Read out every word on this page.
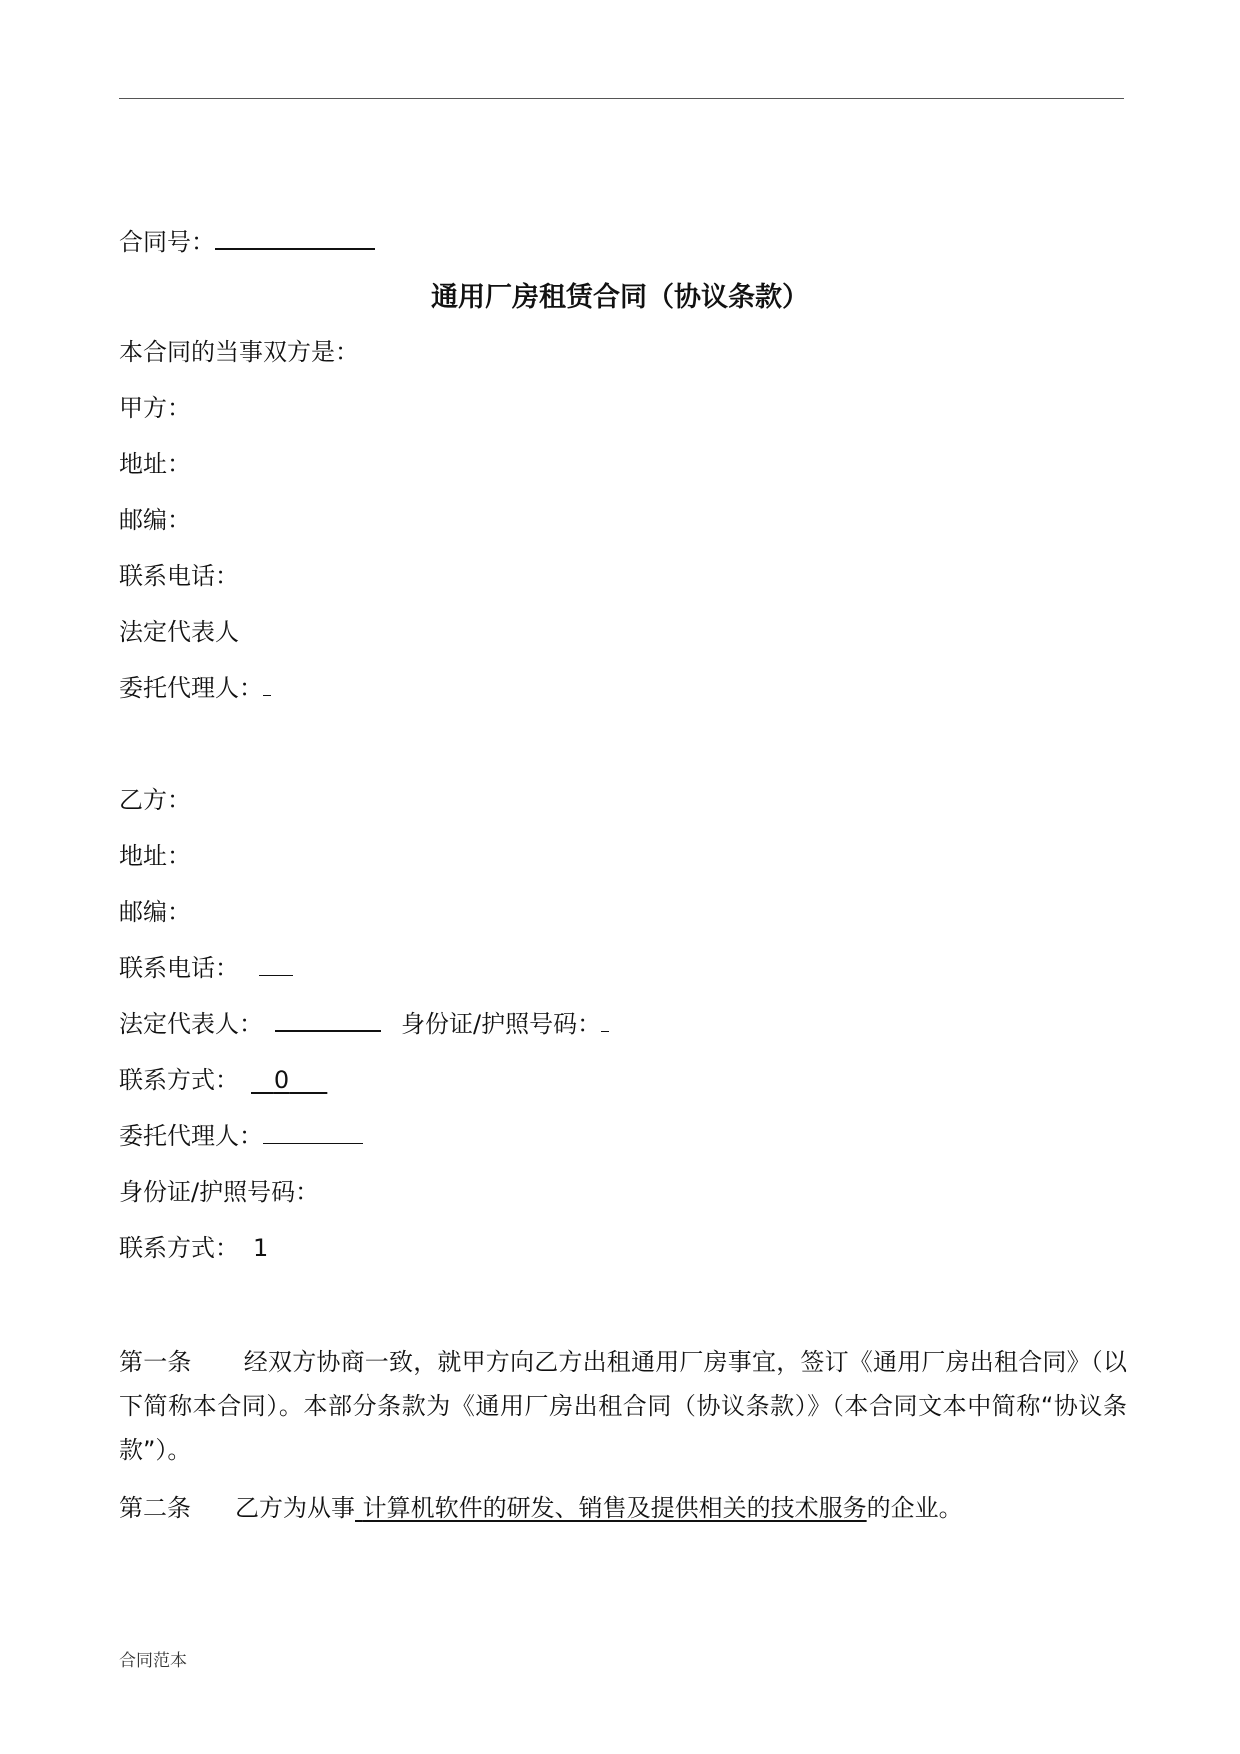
合同号：
通用厂房租赁合同（协议条款）
本合同的当事双方是：
甲方：
地址：
邮编：
联系电话：
法定代表人
委托代理人：
乙方：
地址：
邮编：
联系电话：
法定代表人：	身份证/护照号码：
联系方式： 0
委托代理人：
身份证/护照号码：
联系方式： 1
第一条 经双方协商一致，就甲方向乙方出租通用厂房事宜，签订《通用厂房出租合同》（以下简称本合同）。本部分条款为《通用厂房出租合同（协议条款）》（本合同文本中简称“协议条款”）。
第二条 乙方为从事 计算机软件的研发、销售及提供相关的技术服务的企业。
合同范本
